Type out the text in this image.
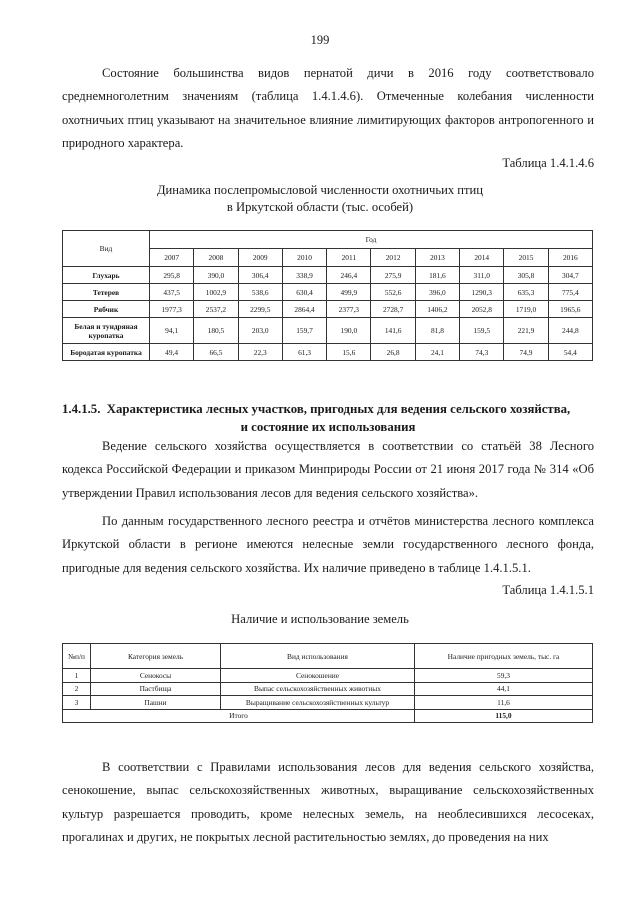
199

Состояние большинства видов пернатой дичи в 2016 году соответствовало среднемноголетним значениям (таблица 1.4.1.4.6). Отмеченные колебания численности охотничьих птиц указывают на значительное влияние лимитирующих факторов антропогенного и природного характера.

Таблица 1.4.1.4.6
Динамика послепромысловой численности охотничьих птиц
в Иркутской области (тыс. особей)
Вид	Год									
	2007	2008	2009	2010	2011	2012	2013	2014	2015	2016
Глухарь	295,8	390,0	306,4	338,9	246,4	275,9	181,6	311,0	305,8	304,7
Тетерев	437,5	1002,9	538,6	630,4	499,9	552,6	396,0	1290,3	635,3	775,4
Рябчик	1977,3	2537,2	2299,5	2864,4	2377,3	2728,7	1406,2	2052,8	1719,0	1965,6
Белая и тундряная куропатка	94,1	180,5	203,0	159,7	190,0	141,6	81,8	159,5	221,9	244,8
Бородатая куропатка	49,4	66,5	22,3	61,3	15,6	26,8	24,1	74,3	74,9	54,4
1.4.1.5. Характеристика лесных участков, пригодных для ведения сельского хозяйства,
и состояние их использования

Ведение сельского хозяйства осуществляется в соответствии со статьёй 38 Лесного кодекса Российской Федерации и приказом Минприроды России от 21 июня 2017 года № 314 «Об утверждении Правил использования лесов для ведения сельского хозяйства».

По данным государственного лесного реестра и отчётов министерства лесного комплекса Иркутской области в регионе имеются нелесные земли государственного лесного фонда, пригодные для ведения сельского хозяйства. Их наличие приведено в таблице 1.4.1.5.1.

Таблица 1.4.1.5.1
Наличие и использование земель
№п/п	Категория земель	Вид использования	Наличие пригодных земель, тыс. га
1	Сенокосы	Сенокошение	59,3
2	Пастбища	Выпас сельскохозяйственных животных	44,1
3	Пашни	Выращивание сельскохозяйственных культур	11,6
Итого			115,0

В соответствии с Правилами использования лесов для ведения сельского хозяйства, сенокошение, выпас сельскохозяйственных животных, выращивание сельскохозяйственных культур разрешается проводить, кроме нелесных земель, на необлесившихся лесосеках, прогалинах и других, не покрытых лесной растительностью землях, до проведения на них
